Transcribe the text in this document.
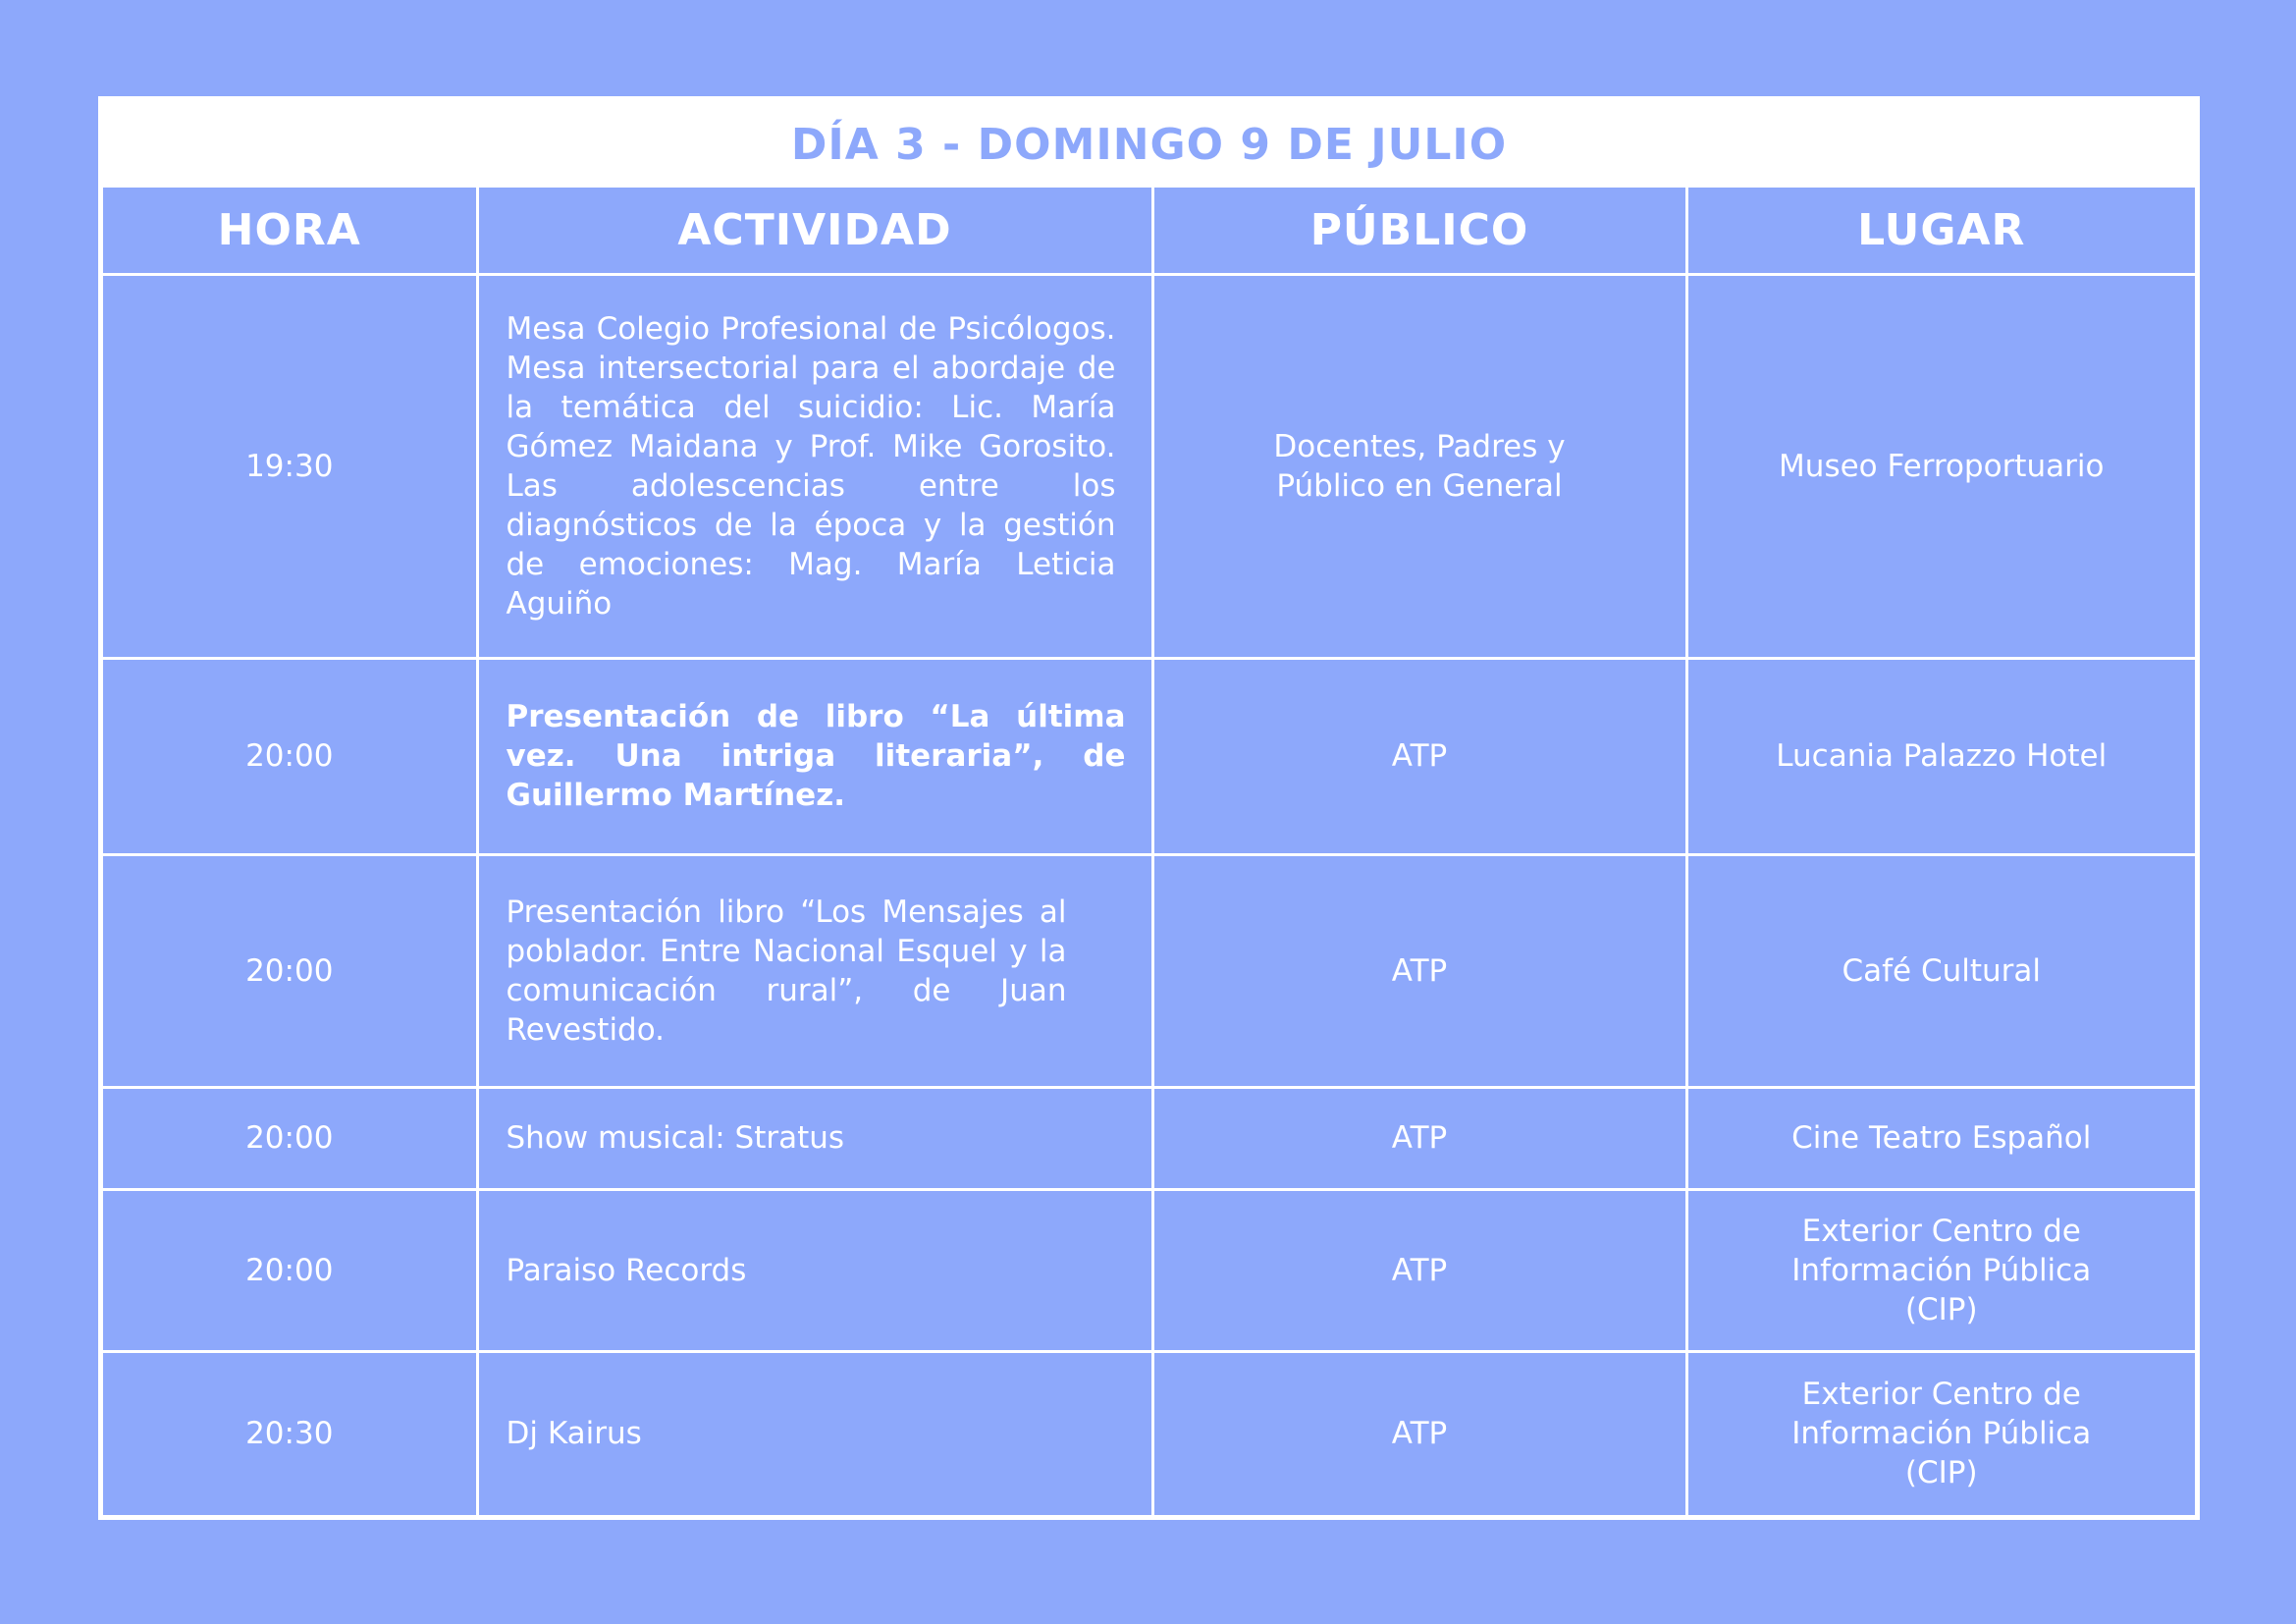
DÍA 3 - DOMINGO 9 DE JULIO
HORA	ACTIVIDAD	PÚBLICO	LUGAR
19:30	Mesa Colegio Profesional de Psicólogos. Mesa intersectorial para el abordaje de la temática del suicidio: Lic. María Gómez Maidana y Prof. Mike Gorosito. Las adolescencias entre los diagnósticos de la época y la gestión de emociones: Mag. María Leticia Aguiño	Docentes, Padres y Público en General	Museo Ferroportuario
20:00	Presentación de libro “La última vez. Una intriga literaria”, de Guillermo Martínez.	ATP	Lucania Palazzo Hotel
20:00	Presentación libro “Los Mensajes al poblador. Entre Nacional Esquel y la comunicación rural”, de Juan Revestido.	ATP	Café Cultural
20:00	Show musical: Stratus	ATP	Cine Teatro Español
20:00	Paraiso Records	ATP	Exterior Centro de Información Pública (CIP)
20:30	Dj Kairus	ATP	Exterior Centro de Información Pública (CIP)
